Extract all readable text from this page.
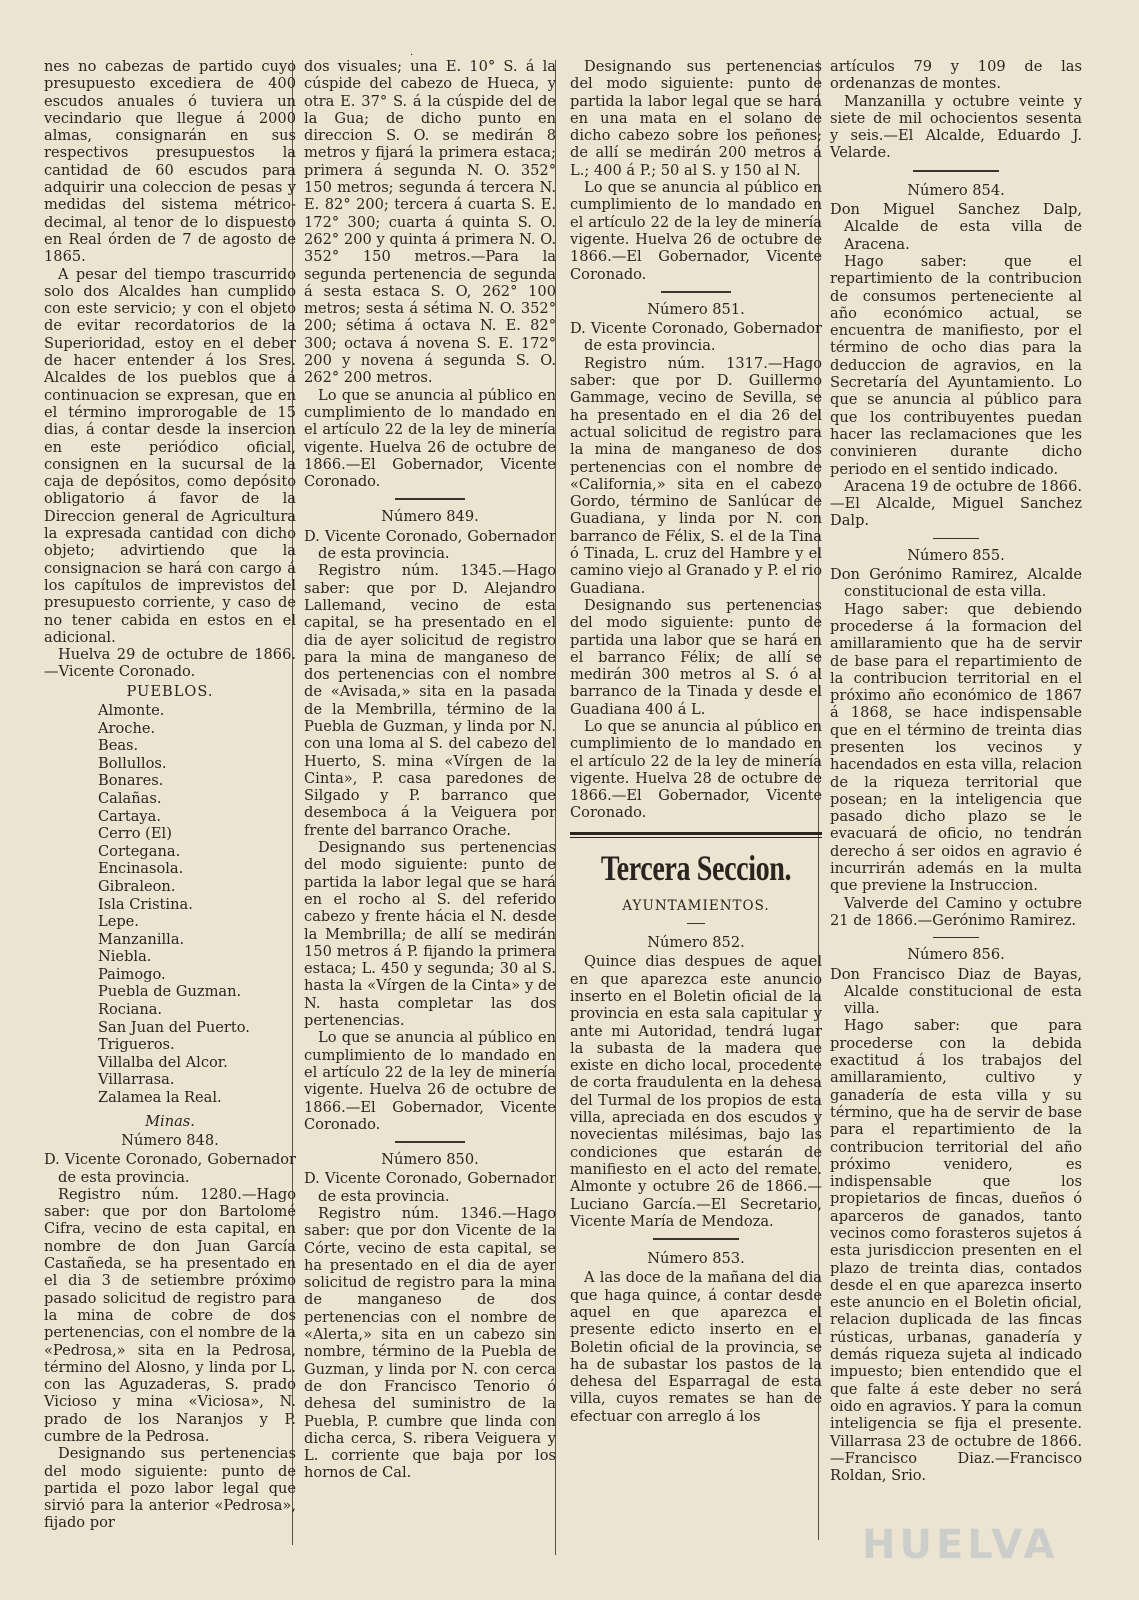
·

nes no cabezas de partido cuyo presupuesto excediera de 400 escudos anuales ó tuviera un vecindario que llegue á 2000 almas, consignarán en sus respectivos presupuestos la cantidad de 60 escudos para adquirir una coleccion de pesas y medidas del sistema métrico-decimal, al tenor de lo dispuesto en Real órden de 7 de agosto de 1865.

A pesar del tiempo trascurrido solo dos Alcaldes han cumplido con este servicio; y con el objeto de evitar recordatorios de la Superioridad, estoy en el deber de hacer entender á los Sres. Alcaldes de los pueblos que á continuacion se expresan, que en el término improrogable de 15 dias, á contar desde la insercion en este periódico oficial, consignen en la sucursal de la caja de depósitos, como depósito obligatorio á favor de la Direccion general de Agricultura la expresada cantidad con dicho objeto; advirtiendo que la consignacion se hará con cargo á los capítulos de imprevistos del presupuesto corriente, y caso de no tener cabida en estos en el adicional.

Huelva 29 de octubre de 1866. —Vicente Coronado.

PUEBLOS.
Almonte.
Aroche.
Beas.
Bollullos.
Bonares.
Calañas.
Cartaya.
Cerro (El)
Cortegana.
Encinasola.
Gibraleon.
Isla Cristina.
Lepe.
Manzanilla.
Niebla.
Paimogo.
Puebla de Guzman.
Rociana.
San Juan del Puerto.
Trigueros.
Villalba del Alcor.
Villarrasa.
Zalamea la Real.
Minas.
Número 848.

D. Vicente Coronado, Gobernador de esta provincia.

Registro núm. 1280.—Hago saber: que por don Bartolomé Cifra, vecino de esta capital, en nombre de don Juan García Castañeda, se ha presentado en el dia 3 de setiembre próximo pasado solicitud de registro para la mina de cobre de dos pertenencias, con el nombre de la «Pedrosa,» sita en la Pedrosa, término del Alosno, y linda por L. con las Aguzaderas, S. prado Vicioso y mina «Viciosa», N. prado de los Naranjos y P. cumbre de la Pedrosa.

Designando sus pertenencias del modo siguiente: punto de partida el pozo labor legal que sirvió para la anterior «Pedrosa», fijado por

dos visuales; una E. 10° S. á la cúspide del cabezo de Hueca, y otra E. 37° S. á la cúspide del de la Gua; de dicho punto en direccion S. O. se medirán 8 metros y fijará la primera estaca; primera á segunda N. O. 352° 150 metros; segunda á tercera N. E. 82° 200; tercera á cuarta S. E. 172° 300; cuarta á quinta S. O. 262° 200 y quinta á primera N. O. 352° 150 metros.—Para la segunda pertenencia de segunda á sesta estaca S. O, 262° 100 metros; sesta á sétima N. O. 352° 200; sétima á octava N. E. 82° 300; octava á novena S. E. 172° 200 y novena á segunda S. O. 262° 200 metros.

Lo que se anuncia al público en cumplimiento de lo mandado en el artículo 22 de la ley de minería vigente. Huelva 26 de octubre de 1866.—El Gobernador, Vicente Coronado.

Número 849.

D. Vicente Coronado, Gobernador de esta provincia.

Registro núm. 1345.—Hago saber: que por D. Alejandro Lallemand, vecino de esta capital, se ha presentado en el dia de ayer solicitud de registro para la mina de manganeso de dos pertenencias con el nombre de «Avisada,» sita en la pasada de la Membrilla, término de la Puebla de Guzman, y linda por N. con una loma al S. del cabezo del Huerto, S. mina «Vírgen de la Cinta», P. casa paredones de Silgado y P. barranco que desemboca á la Veiguera por frente del barranco Orache.

Designando sus pertenencias del modo siguiente: punto de partida la labor legal que se hará en el rocho al S. del referido cabezo y frente hácia el N. desde la Membrilla; de allí se medirán 150 metros á P. fijando la primera estaca; L. 450 y segunda; 30 al S. hasta la «Vírgen de la Cinta» y de N. hasta completar las dos pertenencias.

Lo que se anuncia al público en cumplimiento de lo mandado en el artículo 22 de la ley de minería vigente. Huelva 26 de octubre de 1866.—El Gobernador, Vicente Coronado.

Número 850.

D. Vicente Coronado, Gobernador de esta provincia.

Registro núm. 1346.—Hago saber: que por don Vicente de la Córte, vecino de esta capital, se ha presentado en el dia de ayer solicitud de registro para la mina de manganeso de dos pertenencias con el nombre de «Alerta,» sita en un cabezo sin nombre, término de la Puebla de Guzman, y linda por N. con cerca de don Francisco Tenorio ó dehesa del suministro de la Puebla, P. cumbre que linda con dicha cerca, S. ribera Veiguera y L. corriente que baja por los hornos de Cal.

Designando sus pertenencias del modo siguiente: punto de partida la labor legal que se hará en una mata en el solano de dicho cabezo sobre los peñones; de allí se medirán 200 metros á L.; 400 á P.; 50 al S. y 150 al N.

Lo que se anuncia al público en cumplimiento de lo mandado en el artículo 22 de la ley de minería vigente. Huelva 26 de octubre de 1866.—El Gobernador, Vicente Coronado.

Número 851.

D. Vicente Coronado, Gobernador de esta provincia.

Registro núm. 1317.—Hago saber: que por D. Guillermo Gammage, vecino de Sevilla, se ha presentado en el dia 26 del actual solicitud de registro para la mina de manganeso de dos pertenencias con el nombre de «California,» sita en el cabezo Gordo, término de Sanlúcar de Guadiana, y linda por N. con barranco de Félix, S. el de la Tina ó Tinada, L. cruz del Hambre y el camino viejo al Granado y P. el rio Guadiana.

Designando sus pertenencias del modo siguiente: punto de partida una labor que se hará en el barranco Félix; de allí se medirán 300 metros al S. ó al barranco de la Tinada y desde el Guadiana 400 á L.

Lo que se anuncia al público en cumplimiento de lo mandado en el artículo 22 de la ley de minería vigente. Huelva 28 de octubre de 1866.—El Gobernador, Vicente Coronado.

Tercera Seccion.
AYUNTAMIENTOS.
Número 852.

Quince dias despues de aquel en que aparezca este anuncio inserto en el Boletin oficial de la provincia en esta sala capitular y ante mi Autoridad, tendrá lugar la subasta de la madera que existe en dicho local, procedente de corta fraudulenta en la dehesa del Turmal de los propios de esta villa, apreciada en dos escudos y novecientas milésimas, bajo las condiciones que estarán de manifiesto en el acto del remate. Almonte y octubre 26 de 1866.—Luciano García.—El Secretario, Vicente María de Mendoza.

Número 853.

A las doce de la mañana del dia que haga quince, á contar desde aquel en que aparezca el presente edicto inserto en el Boletin oficial de la provincia, se ha de subastar los pastos de la dehesa del Esparragal de esta villa, cuyos remates se han de efectuar con arreglo á los

artículos 79 y 109 de las ordenanzas de montes.

Manzanilla y octubre veinte y siete de mil ochocientos sesenta y seis.—El Alcalde, Eduardo J. Velarde.

Número 854.

Don Miguel Sanchez Dalp, Alcalde de esta villa de Aracena.

Hago saber: que el repartimiento de la contribucion de consumos perteneciente al año económico actual, se encuentra de manifiesto, por el término de ocho dias para la deduccion de agravios, en la Secretaría del Ayuntamiento. Lo que se anuncia al público para que los contribuyentes puedan hacer las reclamaciones que les convinieren durante dicho periodo en el sentido indicado.

Aracena 19 de octubre de 1866. —El Alcalde, Miguel Sanchez Dalp.

Número 855.

Don Gerónimo Ramirez, Alcalde constitucional de esta villa.

Hago saber: que debiendo procederse á la formacion del amillaramiento que ha de servir de base para el repartimiento de la contribucion territorial en el próximo año económico de 1867 á 1868, se hace indispensable que en el término de treinta dias presenten los vecinos y hacendados en esta villa, relacion de la riqueza territorial que posean; en la inteligencia que pasado dicho plazo se le evacuará de oficio, no tendrán derecho á ser oidos en agravio é incurrirán además en la multa que previene la Instruccion.

Valverde del Camino y octubre 21 de 1866.—Gerónimo Ramirez.

Número 856.

Don Francisco Diaz de Bayas, Alcalde constitucional de esta villa.

Hago saber: que para procederse con la debida exactitud á los trabajos del amillaramiento, cultivo y ganadería de esta villa y su término, que ha de servir de base para el repartimiento de la contribucion territorial del año próximo venidero, es indispensable que los propietarios de fincas, dueños ó aparceros de ganados, tanto vecinos como forasteros sujetos á esta jurisdiccion presenten en el plazo de treinta dias, contados desde el en que aparezca inserto este anuncio en el Boletin oficial, relacion duplicada de las fincas rústicas, urbanas, ganadería y demás riqueza sujeta al indicado impuesto; bien entendido que el que falte á este deber no será oido en agravios. Y para la comun inteligencia se fija el presente. Villarrasa 23 de octubre de 1866.—Francisco Diaz.—Francisco Roldan, Srio.

HUELVA
